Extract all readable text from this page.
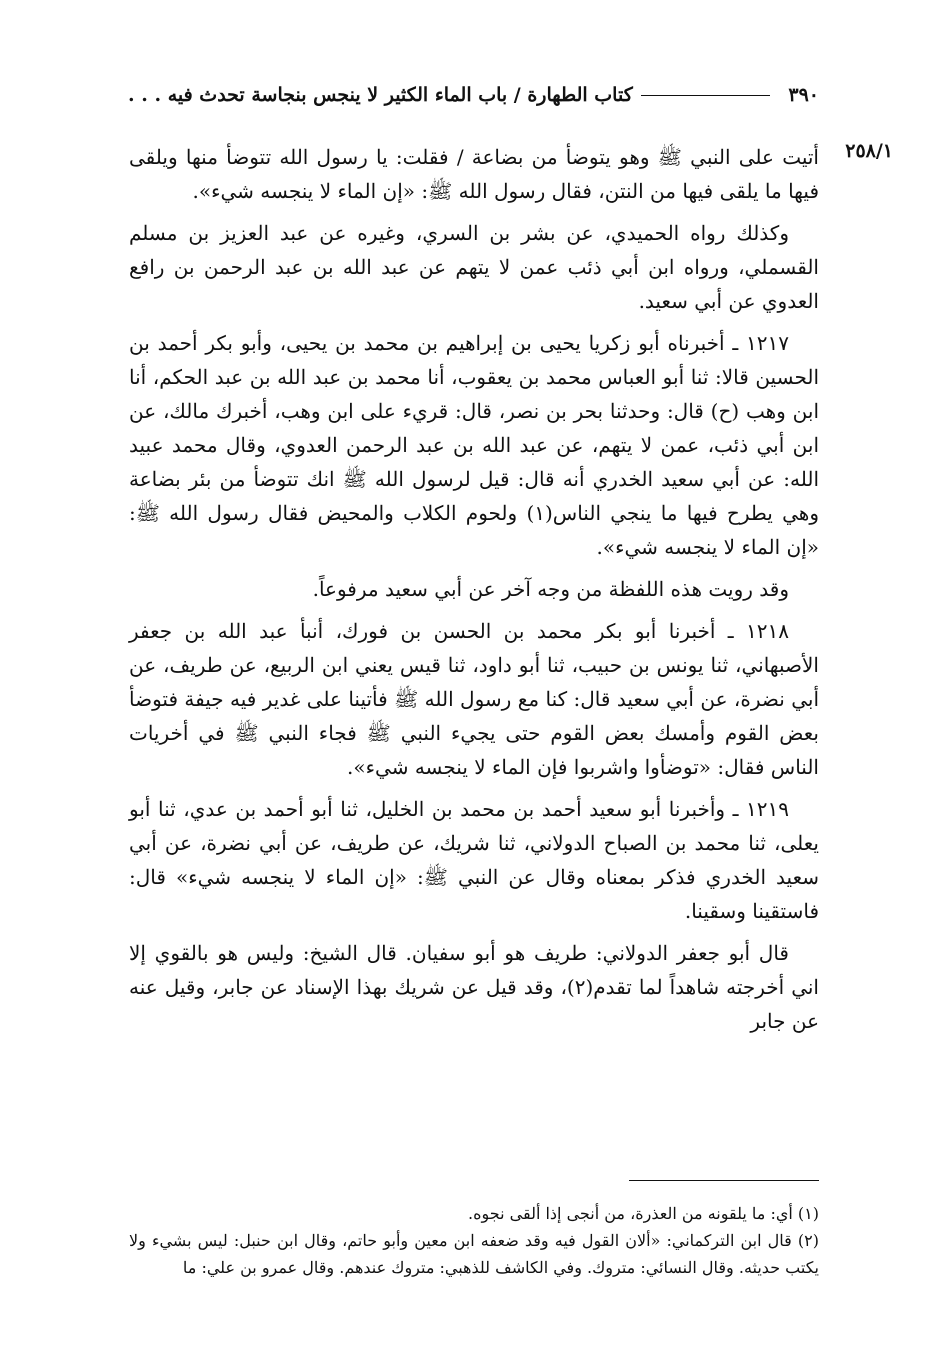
٣٩٠
كتاب الطهارة / باب الماء الكثير لا ينجس بنجاسة تحدث فيه . . .
٢٥٨/١

أتيت على النبي ﷺ وهو يتوضأ من بضاعة / فقلت: يا رسول الله تتوضأ منها ويلقى فيها ما يلقى فيها من النتن، فقال رسول الله ﷺ: «إن الماء لا ينجسه شيء».

وكذلك رواه الحميدي، عن بشر بن السري، وغيره عن عبد العزيز بن مسلم القسملي، ورواه ابن أبي ذئب عمن لا يتهم عن عبد الله بن عبد الرحمن بن رافع العدوي عن أبي سعيد.

١٢١٧ ـ أخبرناه أبو زكريا يحيى بن إبراهيم بن محمد بن يحيى، وأبو بكر أحمد بن الحسين قالا: ثنا أبو العباس محمد بن يعقوب، أنا محمد بن عبد الله بن عبد الحكم، أنا ابن وهب (ح) قال: وحدثنا بحر بن نصر، قال: قريء على ابن وهب، أخبرك مالك، عن ابن أبي ذئب، عمن لا يتهم، عن عبد الله بن عبد الرحمن العدوي، وقال محمد عبيد الله: عن أبي سعيد الخدري أنه قال: قيل لرسول الله ﷺ انك تتوضأ من بئر بضاعة وهي يطرح فيها ما ينجي الناس(١) ولحوم الكلاب والمحيض فقال رسول الله ﷺ: «إن الماء لا ينجسه شيء».

وقد رويت هذه اللفظة من وجه آخر عن أبي سعيد مرفوعاً.

١٢١٨ ـ أخبرنا أبو بكر محمد بن الحسن بن فورك، أنبأ عبد الله بن جعفر الأصبهاني، ثنا يونس بن حبيب، ثنا أبو داود، ثنا قيس يعني ابن الربيع، عن طريف، عن أبي نضرة، عن أبي سعيد قال: كنا مع رسول الله ﷺ فأتينا على غدير فيه جيفة فتوضأ بعض القوم وأمسك بعض القوم حتى يجيء النبي ﷺ فجاء النبي ﷺ في أخريات الناس فقال: «توضأوا واشربوا فإن الماء لا ينجسه شيء».

١٢١٩ ـ وأخبرنا أبو سعيد أحمد بن محمد بن الخليل، ثنا أبو أحمد بن عدي، ثنا أبو يعلى، ثنا محمد بن الصباح الدولاني، ثنا شريك، عن طريف، عن أبي نضرة، عن أبي سعيد الخدري فذكر بمعناه وقال عن النبي ﷺ: «إن الماء لا ينجسه شيء» قال: فاستقينا وسقينا.

قال أبو جعفر الدولاني: طريف هو أبو سفيان. قال الشيخ: وليس هو بالقوي إلا اني أخرجته شاهداً لما تقدم(٢)، وقد قيل عن شريك بهذا الإسناد عن جابر، وقيل عنه عن جابر

(١) أي: ما يلقونه من العذرة، من أنجى إذا ألقى نجوه.

(٢) قال ابن التركماني: «ألان القول فيه وقد ضعفه ابن معين وأبو حاتم، وقال ابن حنبل: ليس بشيء ولا يكتب حديثه. وقال النسائي: متروك. وفي الكاشف للذهبي: متروك عندهم. وقال عمرو بن علي: ما
